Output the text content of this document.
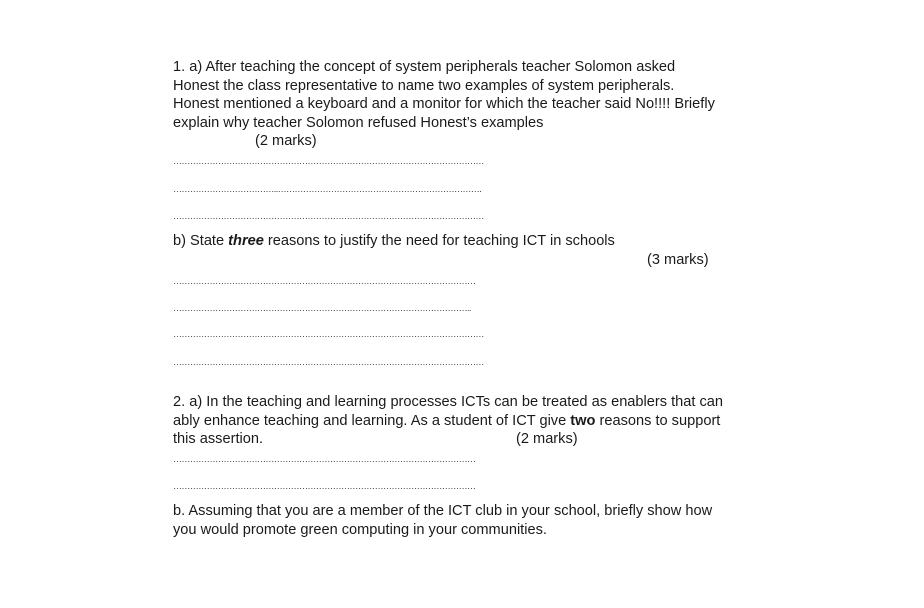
1. a) After teaching the concept of system peripherals teacher Solomon asked
Honest the class representative to name two examples of system peripherals.
Honest mentioned a keyboard and a monitor for which the teacher said No!!!! Briefly
explain why teacher Solomon refused Honest’s examples
(2 marks)
…………………………………………………………………………………………………
………………………………..……………………………………………………………….
…………………………………………………………………………………………………
b) State three reasons to justify the need for teaching ICT in schools
(3 marks)
………………………………………………………………………………………………
……………………………………………………………………………………………..
…………………………………………………………………………………………………
…………………………………………………………………………………………………
2. a) In the teaching and learning processes ICTs can be treated as enablers that can
ably enhance teaching and learning. As a student of ICT give two reasons to support
this assertion.	(2 marks)
………………………………………………………………………………………………
………………………………………………………………………………………………
b. Assuming that you are a member of the ICT club in your school, briefly show how
you would promote green computing in your communities.
